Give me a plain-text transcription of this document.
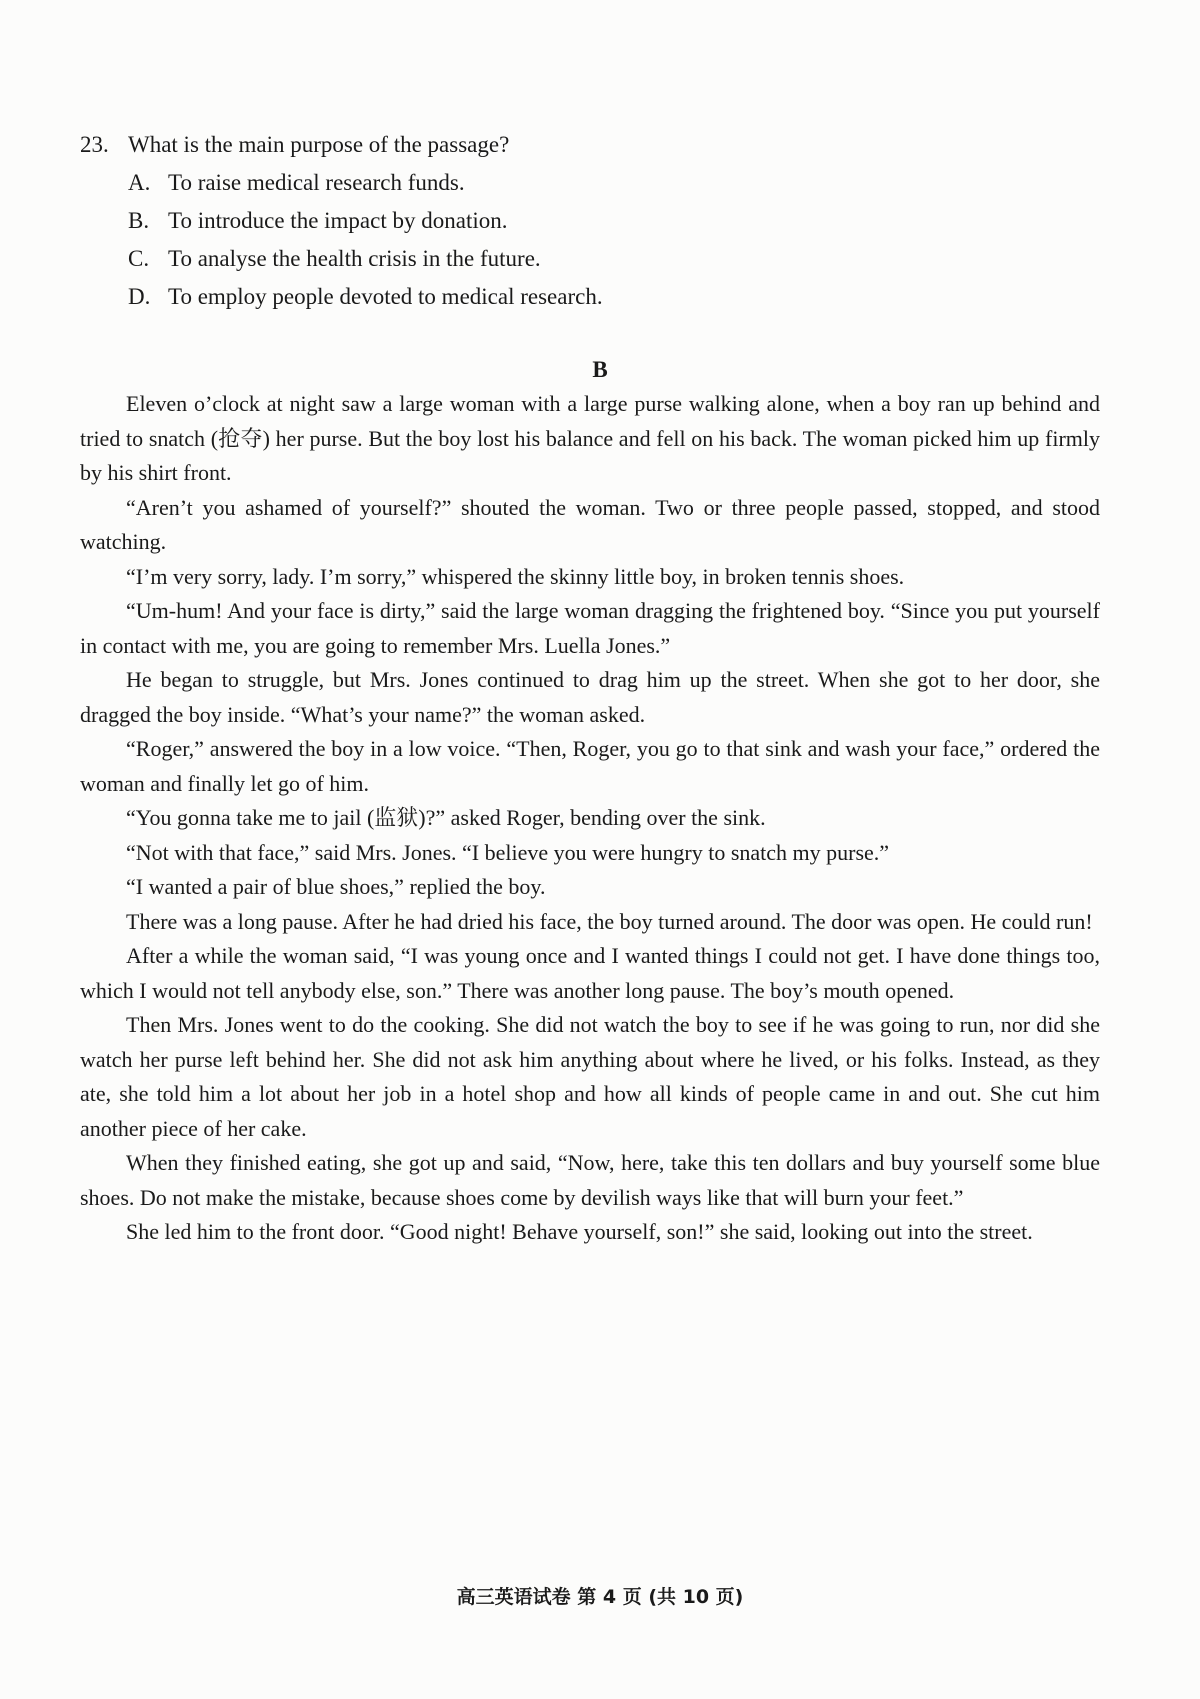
23. What is the main purpose of the passage?
A. To raise medical research funds.
B. To introduce the impact by donation.
C. To analyse the health crisis in the future.
D. To employ people devoted to medical research.
B

Eleven o’clock at night saw a large woman with a large purse walking alone, when a boy ran up behind and tried to snatch (抢夺) her purse. But the boy lost his balance and fell on his back. The woman picked him up firmly by his shirt front.

“Aren’t you ashamed of yourself?” shouted the woman. Two or three people passed, stopped, and stood watching.

“I’m very sorry, lady. I’m sorry,” whispered the skinny little boy, in broken tennis shoes.

“Um-hum! And your face is dirty,” said the large woman dragging the frightened boy. “Since you put yourself in contact with me, you are going to remember Mrs. Luella Jones.”

He began to struggle, but Mrs. Jones continued to drag him up the street. When she got to her door, she dragged the boy inside. “What’s your name?” the woman asked.

“Roger,” answered the boy in a low voice. “Then, Roger, you go to that sink and wash your face,” ordered the woman and finally let go of him.

“You gonna take me to jail (监狱)?” asked Roger, bending over the sink.

“Not with that face,” said Mrs. Jones. “I believe you were hungry to snatch my purse.”

“I wanted a pair of blue shoes,” replied the boy.

There was a long pause. After he had dried his face, the boy turned around. The door was open. He could run!

After a while the woman said, “I was young once and I wanted things I could not get. I have done things too, which I would not tell anybody else, son.” There was another long pause. The boy’s mouth opened.

Then Mrs. Jones went to do the cooking. She did not watch the boy to see if he was going to run, nor did she watch her purse left behind her. She did not ask him anything about where he lived, or his folks. Instead, as they ate, she told him a lot about her job in a hotel shop and how all kinds of people came in and out. She cut him another piece of her cake.

When they finished eating, she got up and said, “Now, here, take this ten dollars and buy yourself some blue shoes. Do not make the mistake, because shoes come by devilish ways like that will burn your feet.”

She led him to the front door. “Good night! Behave yourself, son!” she said, looking out into the street.

高三英语试卷 第 4 页 (共 10 页)
